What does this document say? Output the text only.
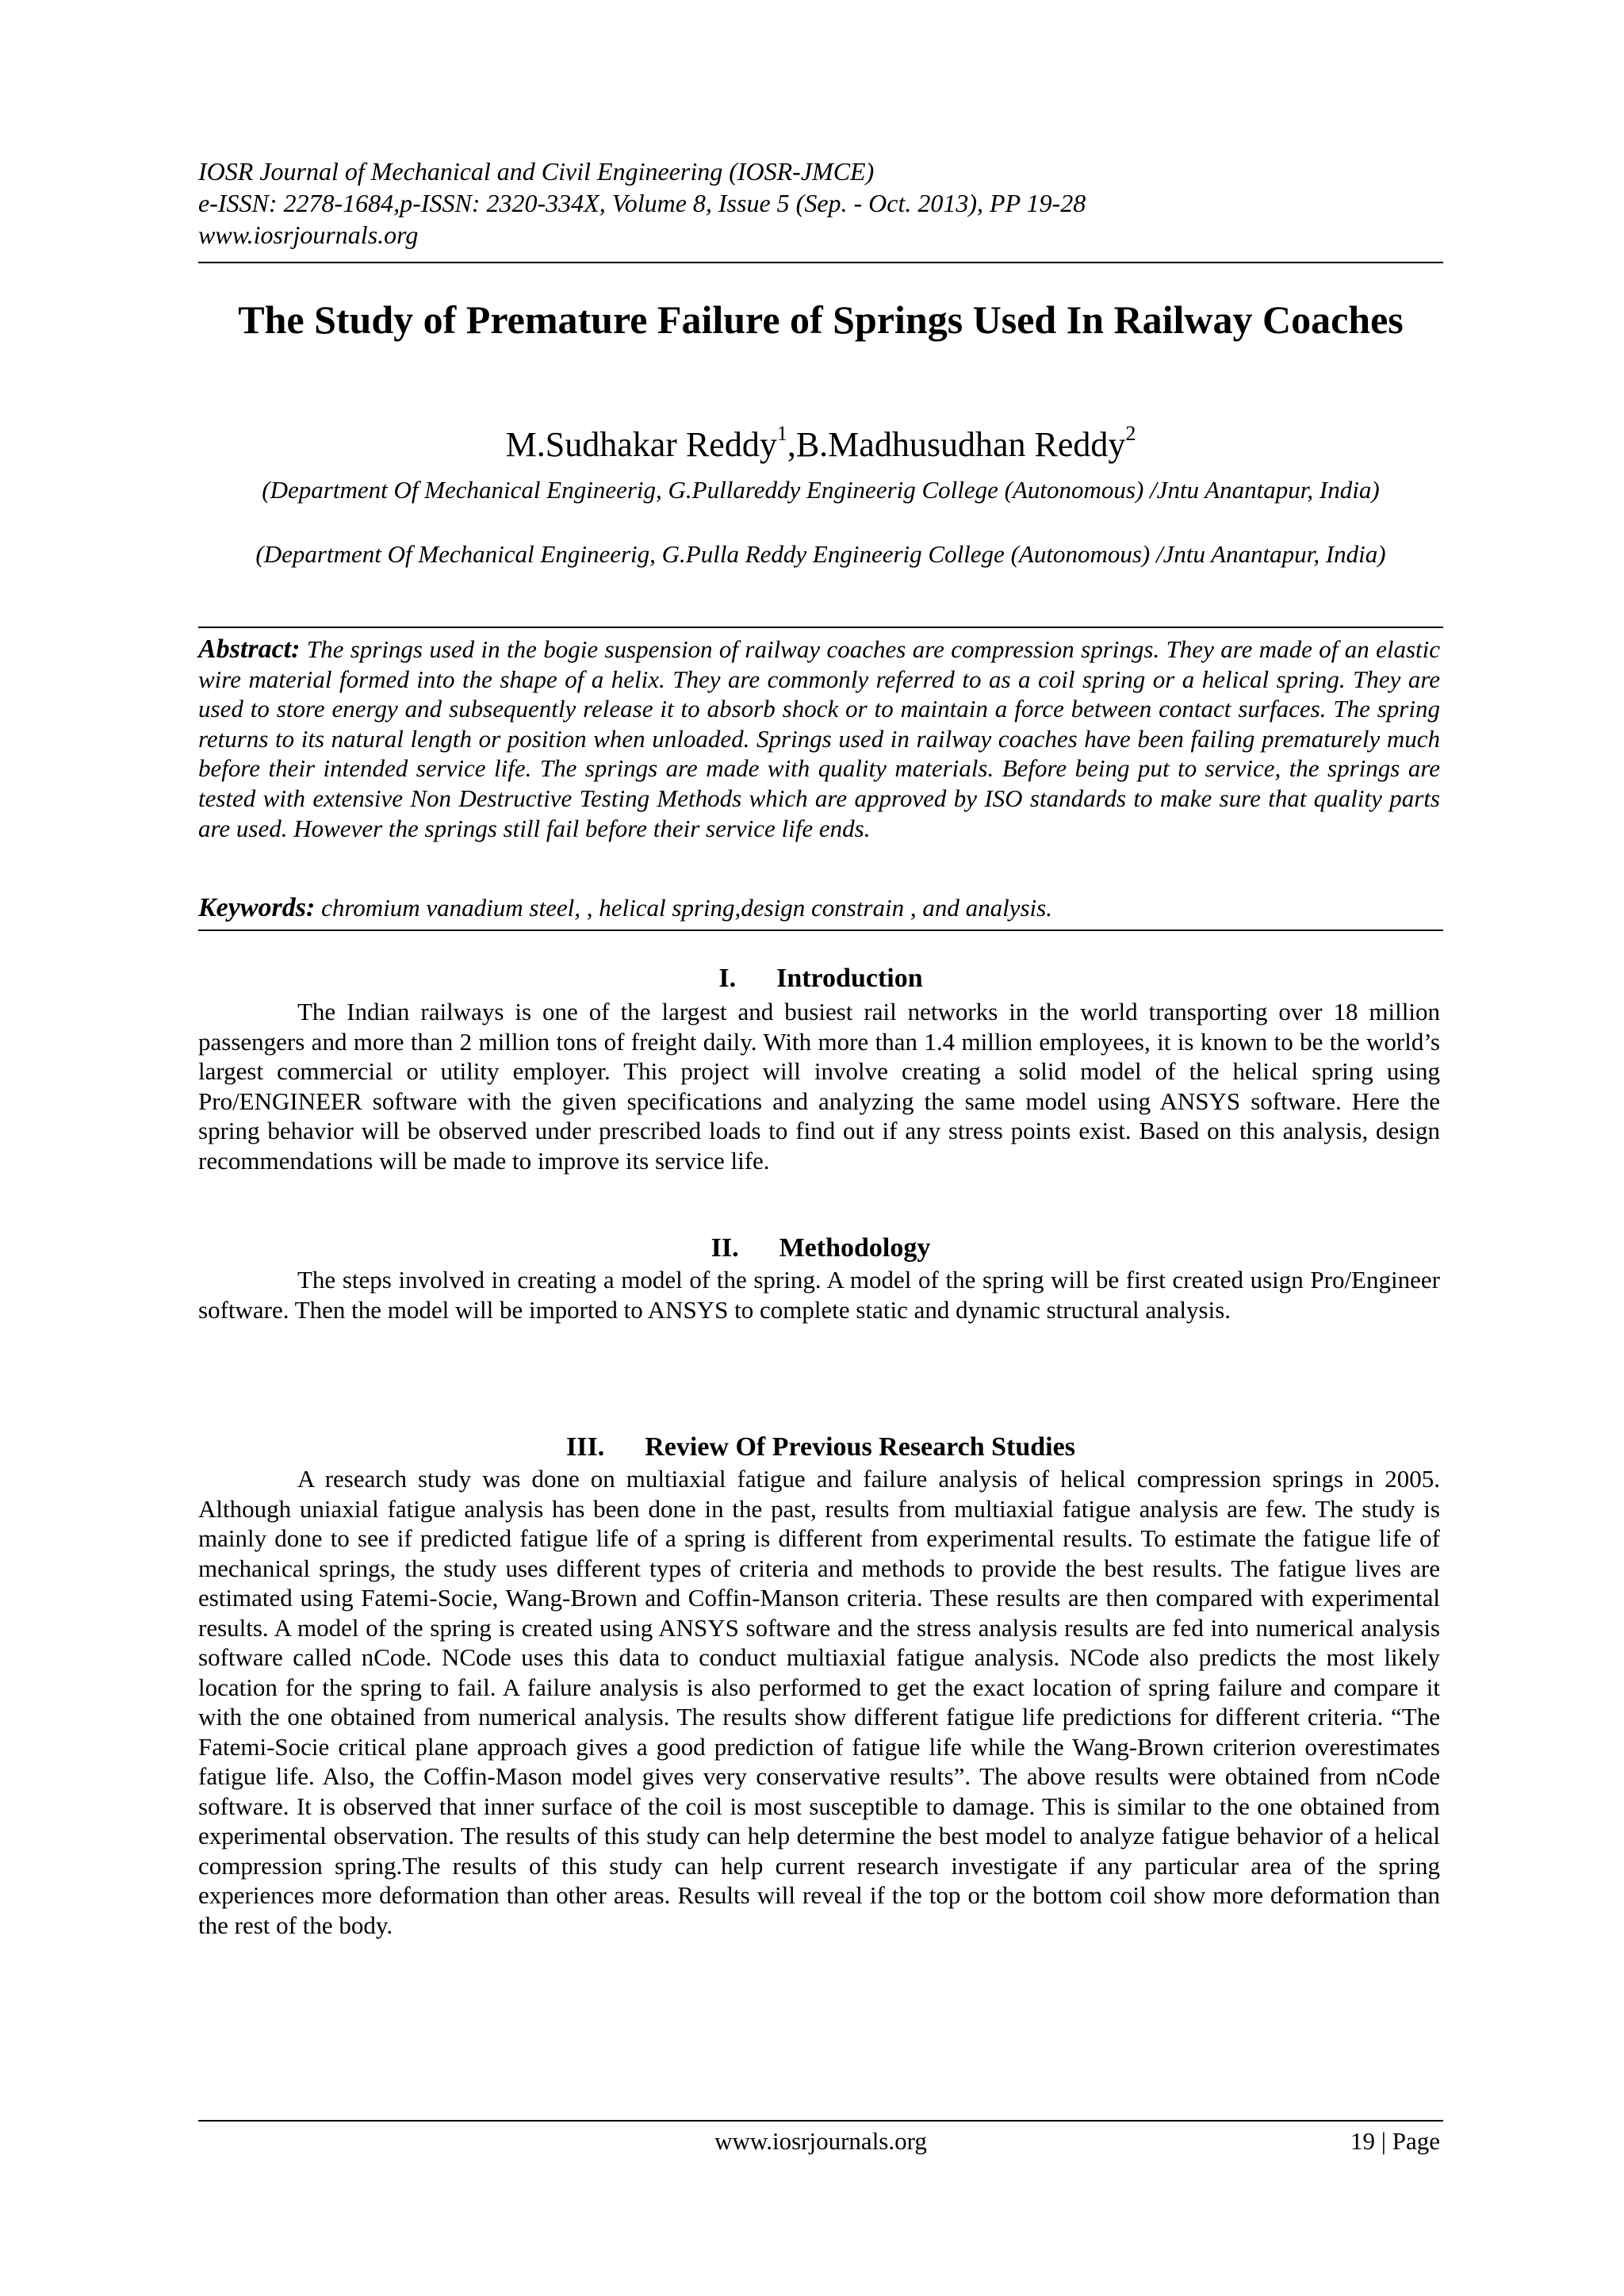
IOSR Journal of Mechanical and Civil Engineering (IOSR-JMCE)
e-ISSN: 2278-1684,p-ISSN: 2320-334X, Volume 8, Issue 5 (Sep. - Oct. 2013), PP 19-28
www.iosrjournals.org
The Study of Premature Failure of Springs Used In Railway Coaches
M.Sudhakar Reddy$^1$,B.Madhusudhan Reddy$^2$
(Department Of Mechanical Engineerig, G.Pullareddy Engineerig College (Autonomous) /Jntu Anantapur, India)
(Department Of Mechanical Engineerig, G.Pulla Reddy Engineerig College (Autonomous) /Jntu Anantapur, India)
Abstract: The springs used in the bogie suspension of railway coaches are compression springs. They are made of an elastic wire material formed into the shape of a helix. They are commonly referred to as a coil spring or a helical spring. They are used to store energy and subsequently release it to absorb shock or to maintain a force between contact surfaces. The spring returns to its natural length or position when unloaded. Springs used in railway coaches have been failing prematurely much before their intended service life. The springs are made with quality materials. Before being put to service, the springs are tested with extensive Non Destructive Testing Methods which are approved by ISO standards to make sure that quality parts are used. However the springs still fail before their service life ends.
Keywords: chromium vanadium steel, , helical spring,design constrain , and analysis.
I. Introduction
The Indian railways is one of the largest and busiest rail networks in the world transporting over 18 million passengers and more than 2 million tons of freight daily. With more than 1.4 million employees, it is known to be the world’s largest commercial or utility employer. This project will involve creating a solid model of the helical spring using Pro/ENGINEER software with the given specifications and analyzing the same model using ANSYS software. Here the spring behavior will be observed under prescribed loads to find out if any stress points exist. Based on this analysis, design recommendations will be made to improve its service life.
II. Methodology
The steps involved in creating a model of the spring. A model of the spring will be first created usign Pro/Engineer software. Then the model will be imported to ANSYS to complete static and dynamic structural analysis.
III. Review Of Previous Research Studies
A research study was done on multiaxial fatigue and failure analysis of helical compression springs in 2005. Although uniaxial fatigue analysis has been done in the past, results from multiaxial fatigue analysis are few. The study is mainly done to see if predicted fatigue life of a spring is different from experimental results. To estimate the fatigue life of mechanical springs, the study uses different types of criteria and methods to provide the best results. The fatigue lives are estimated using Fatemi-Socie, Wang-Brown and Coffin-Manson criteria. These results are then compared with experimental results. A model of the spring is created using ANSYS software and the stress analysis results are fed into numerical analysis software called nCode. NCode uses this data to conduct multiaxial fatigue analysis. NCode also predicts the most likely location for the spring to fail. A failure analysis is also performed to get the exact location of spring failure and compare it with the one obtained from numerical analysis. The results show different fatigue life predictions for different criteria. “The Fatemi-Socie critical plane approach gives a good prediction of fatigue life while the Wang-Brown criterion overestimates fatigue life. Also, the Coffin-Mason model gives very conservative results”. The above results were obtained from nCode software. It is observed that inner surface of the coil is most susceptible to damage. This is similar to the one obtained from experimental observation. The results of this study can help determine the best model to analyze fatigue behavior of a helical compression spring.The results of this study can help current research investigate if any particular area of the spring experiences more deformation than other areas. Results will reveal if the top or the bottom coil show more deformation than the rest of the body.
www.iosrjournals.org	19 | Page
